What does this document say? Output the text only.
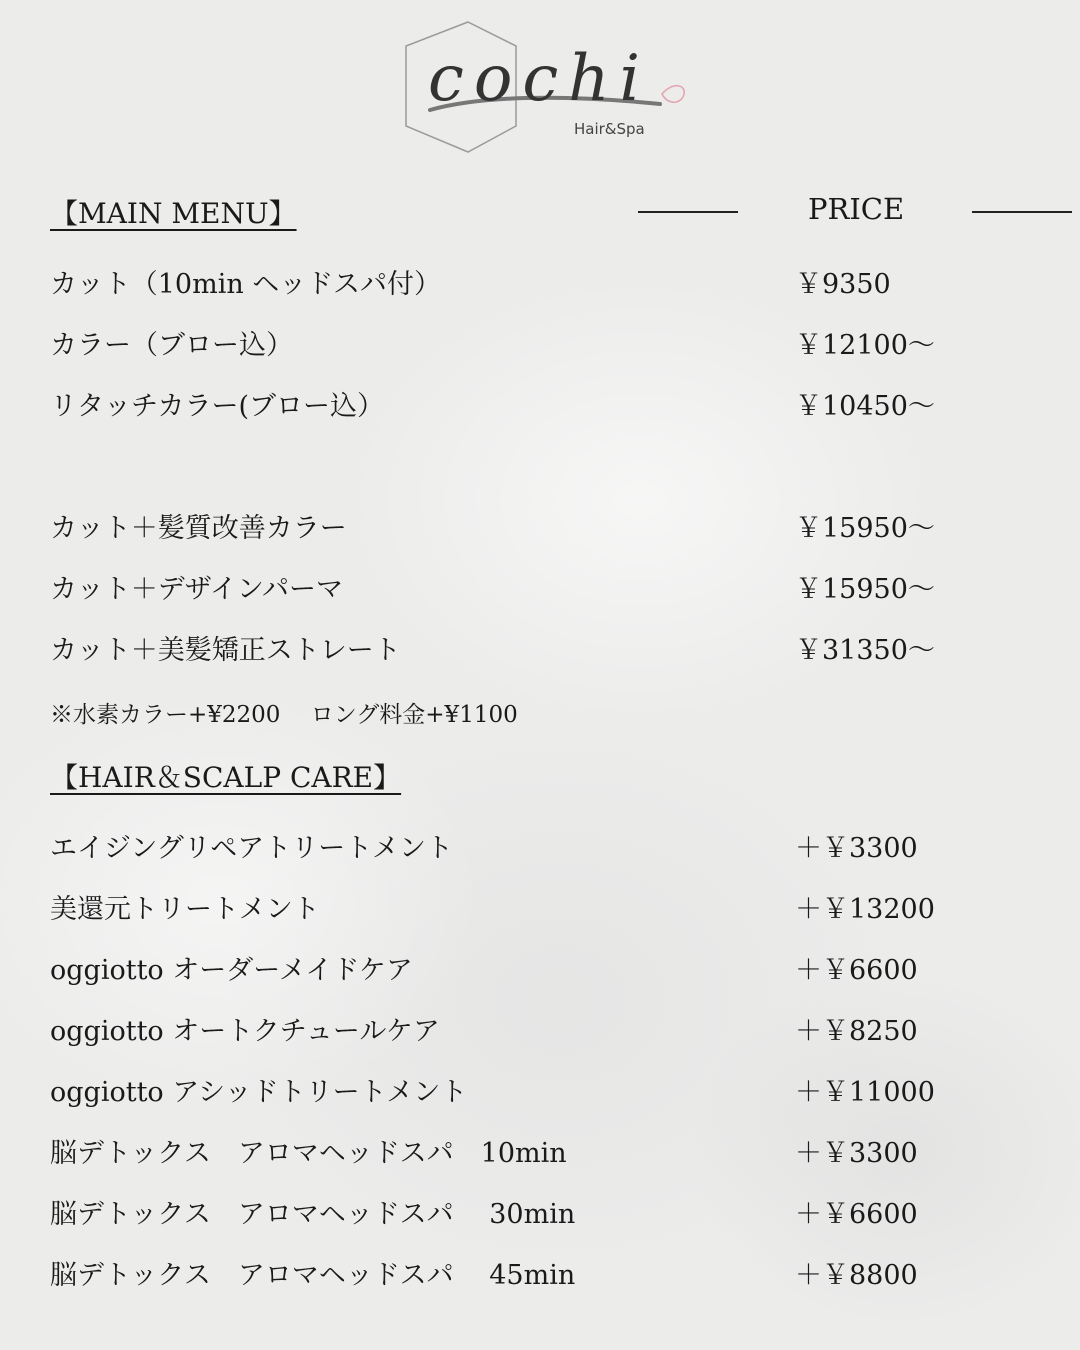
cochi
Hair&Spa
【MAIN MENU】	PRICE
カット（10min ヘッドスパ付）	￥9350
カラー（ブロー込）	￥12100〜
リタッチカラー(ブロー込）	￥10450〜
カット＋髪質改善カラー	￥15950〜
カット＋デザインパーマ	￥15950〜
カット＋美髪矯正ストレート	￥31350〜
※水素カラー+¥2200　 ロング料金+¥1100
【HAIR＆SCALP CARE】
エイジングリペアトリートメント	＋￥3300
美還元トリートメント	＋￥13200
oggiotto オーダーメイドケア	＋￥6600
oggiotto オートクチュールケア	＋￥8250
oggiotto アシッドトリートメント	＋￥11000
脳デトックス　アロマヘッドスパ　10min	＋￥3300
脳デトックス　アロマヘッドスパ　 30min	＋￥6600
脳デトックス　アロマヘッドスパ　 45min	＋￥8800
